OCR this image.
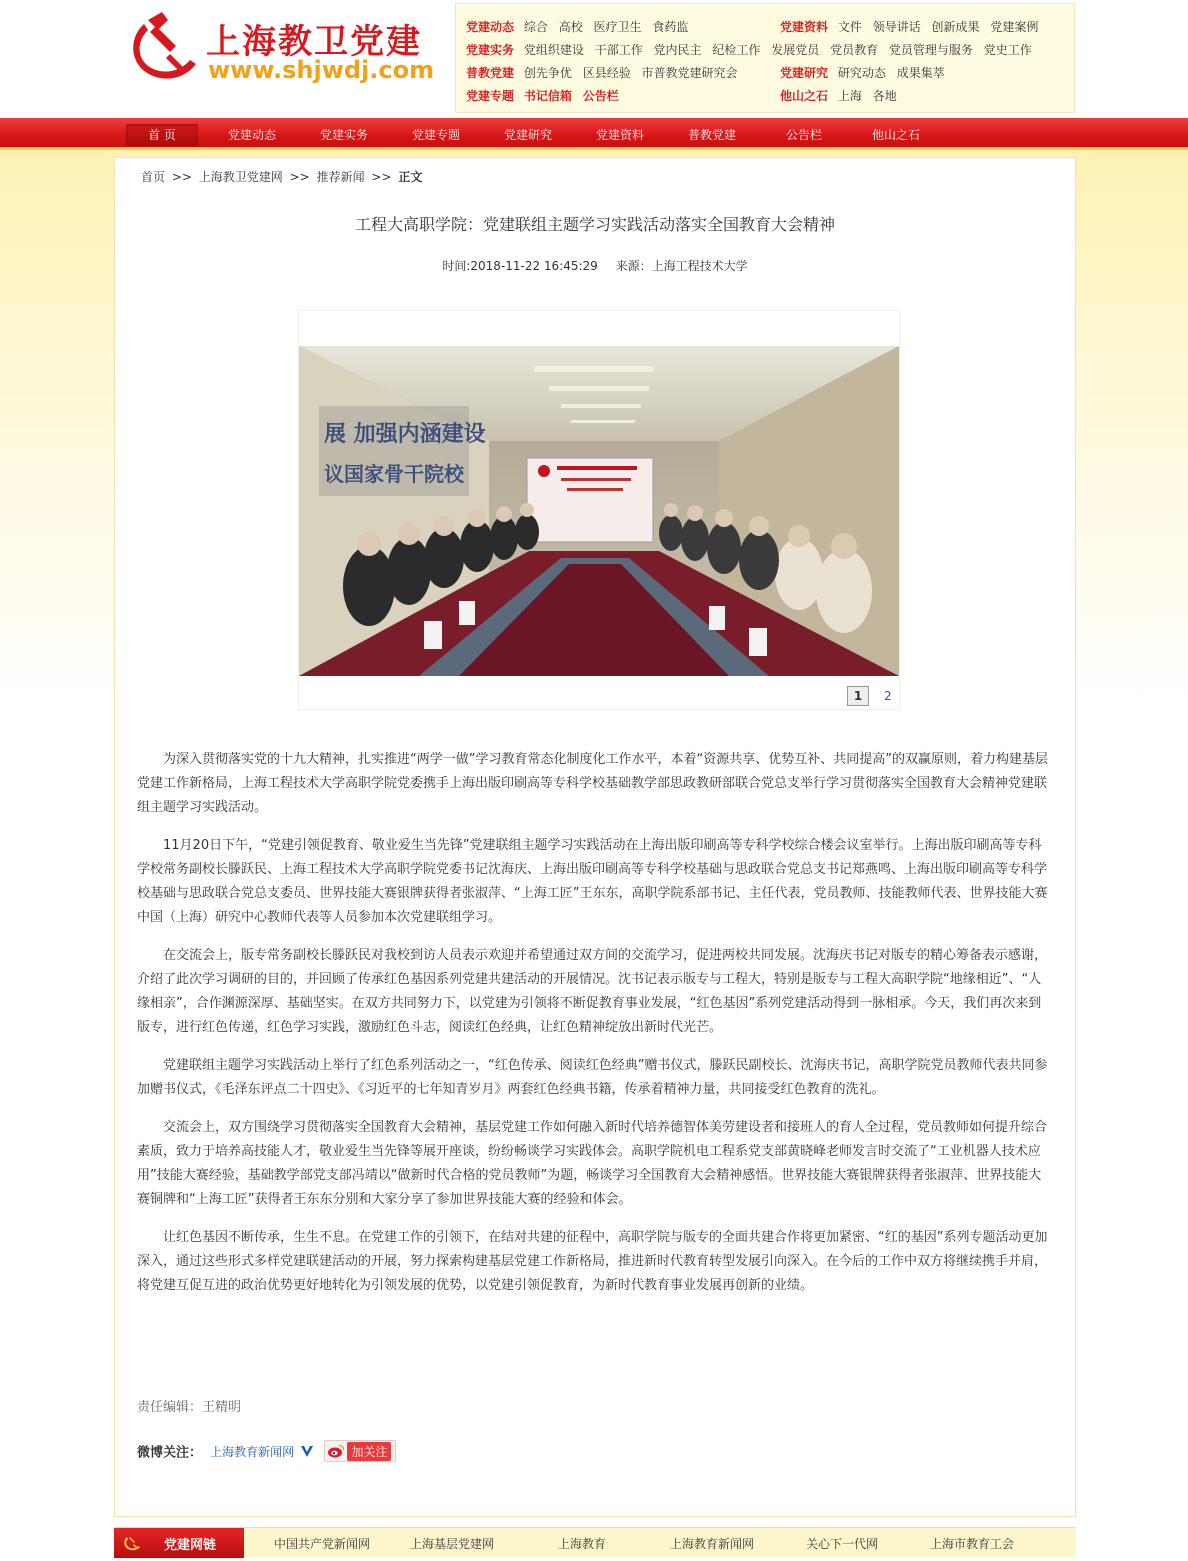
上海教卫党建
www.shjwdj.com
党建动态 综合 高校 医疗卫生 食药监	党建资料 文件 领导讲话 创新成果 党建案例
党建实务 党组织建设 干部工作 党内民主 纪检工作 发展党员 党员教育 党员管理与服务 党史工作
普教党建 创先争优 区县经验 市普教党建研究会	党建研究 研究动态 成果集萃
党建专题 书记信箱 公告栏	他山之石 上海 各地
首 页	党建动态	党建实务	党建专题	党建研究	党建资料	普教党建	公告栏	他山之石
首页 >> 上海教卫党建网 >> 推荐新闻 >> 正文
工程大高职学院：党建联组主题学习实践活动落实全国教育大会精神
时间:2018-11-22 16:45:29 来源：上海工程技术大学
展 加强内涵建设
议国家骨干院校
1 2

为深入贯彻落实党的十九大精神，扎实推进“两学一做”学习教育常态化制度化工作水平，本着“资源共享、优势互补、共同提高”的双赢原则，着力构建基层党建工作新格局，上海工程技术大学高职学院党委携手上海出版印刷高等专科学校基础教学部思政教研部联合党总支举行学习贯彻落实全国教育大会精神党建联组主题学习实践活动。

11月20日下午，“党建引领促教育、敬业爱生当先锋”党建联组主题学习实践活动在上海出版印刷高等专科学校综合楼会议室举行。上海出版印刷高等专科学校常务副校长滕跃民、上海工程技术大学高职学院党委书记沈海庆、上海出版印刷高等专科学校基础与思政联合党总支书记郑燕鸣、上海出版印刷高等专科学校基础与思政联合党总支委员、世界技能大赛银牌获得者张淑萍、“上海工匠”王东东，高职学院系部书记、主任代表，党员教师、技能教师代表、世界技能大赛中国（上海）研究中心教师代表等人员参加本次党建联组学习。

在交流会上，版专常务副校长滕跃民对我校到访人员表示欢迎并希望通过双方间的交流学习，促进两校共同发展。沈海庆书记对版专的精心筹备表示感谢，介绍了此次学习调研的目的，并回顾了传承红色基因系列党建共建活动的开展情况。沈书记表示版专与工程大，特别是版专与工程大高职学院“地缘相近”、“人缘相亲”，合作渊源深厚、基础坚实。在双方共同努力下，以党建为引领将不断促教育事业发展，“红色基因”系列党建活动得到一脉相承。今天，我们再次来到版专，进行红色传递，红色学习实践，激励红色斗志，阅读红色经典，让红色精神绽放出新时代光芒。

党建联组主题学习实践活动上举行了红色系列活动之一，“红色传承、阅读红色经典”赠书仪式，滕跃民副校长、沈海庆书记，高职学院党员教师代表共同参加赠书仪式，《毛泽东评点二十四史》、《习近平的七年知青岁月》两套红色经典书籍，传承着精神力量，共同接受红色教育的洗礼。

交流会上，双方围绕学习贯彻落实全国教育大会精神，基层党建工作如何融入新时代培养德智体美劳建设者和接班人的育人全过程，党员教师如何提升综合素质，致力于培养高技能人才，敬业爱生当先锋等展开座谈，纷纷畅谈学习实践体会。高职学院机电工程系党支部黄晓峰老师发言时交流了“工业机器人技术应用”技能大赛经验，基础教学部党支部冯靖以“做新时代合格的党员教师”为题，畅谈学习全国教育大会精神感悟。世界技能大赛银牌获得者张淑萍、世界技能大赛铜牌和“上海工匠”获得者王东东分别和大家分享了参加世界技能大赛的经验和体会。

让红色基因不断传承，生生不息。在党建工作的引领下，在结对共建的征程中，高职学院与版专的全面共建合作将更加紧密、“红的基因”系列专题活动更加深入，通过这些形式多样党建联建活动的开展，努力探索构建基层党建工作新格局，推进新时代教育转型发展引向深入。在今后的工作中双方将继续携手并肩，将党建互促互进的政治优势更好地转化为引领发展的优势，以党建引领促教育，为新时代教育事业发展再创新的业绩。

责任编辑：王精明
微博关注： 上海教育新闻网	加关注
党建网链	中国共产党新闻网	上海基层党建网	上海教育	上海教育新闻网	关心下一代网	上海市教育工会
